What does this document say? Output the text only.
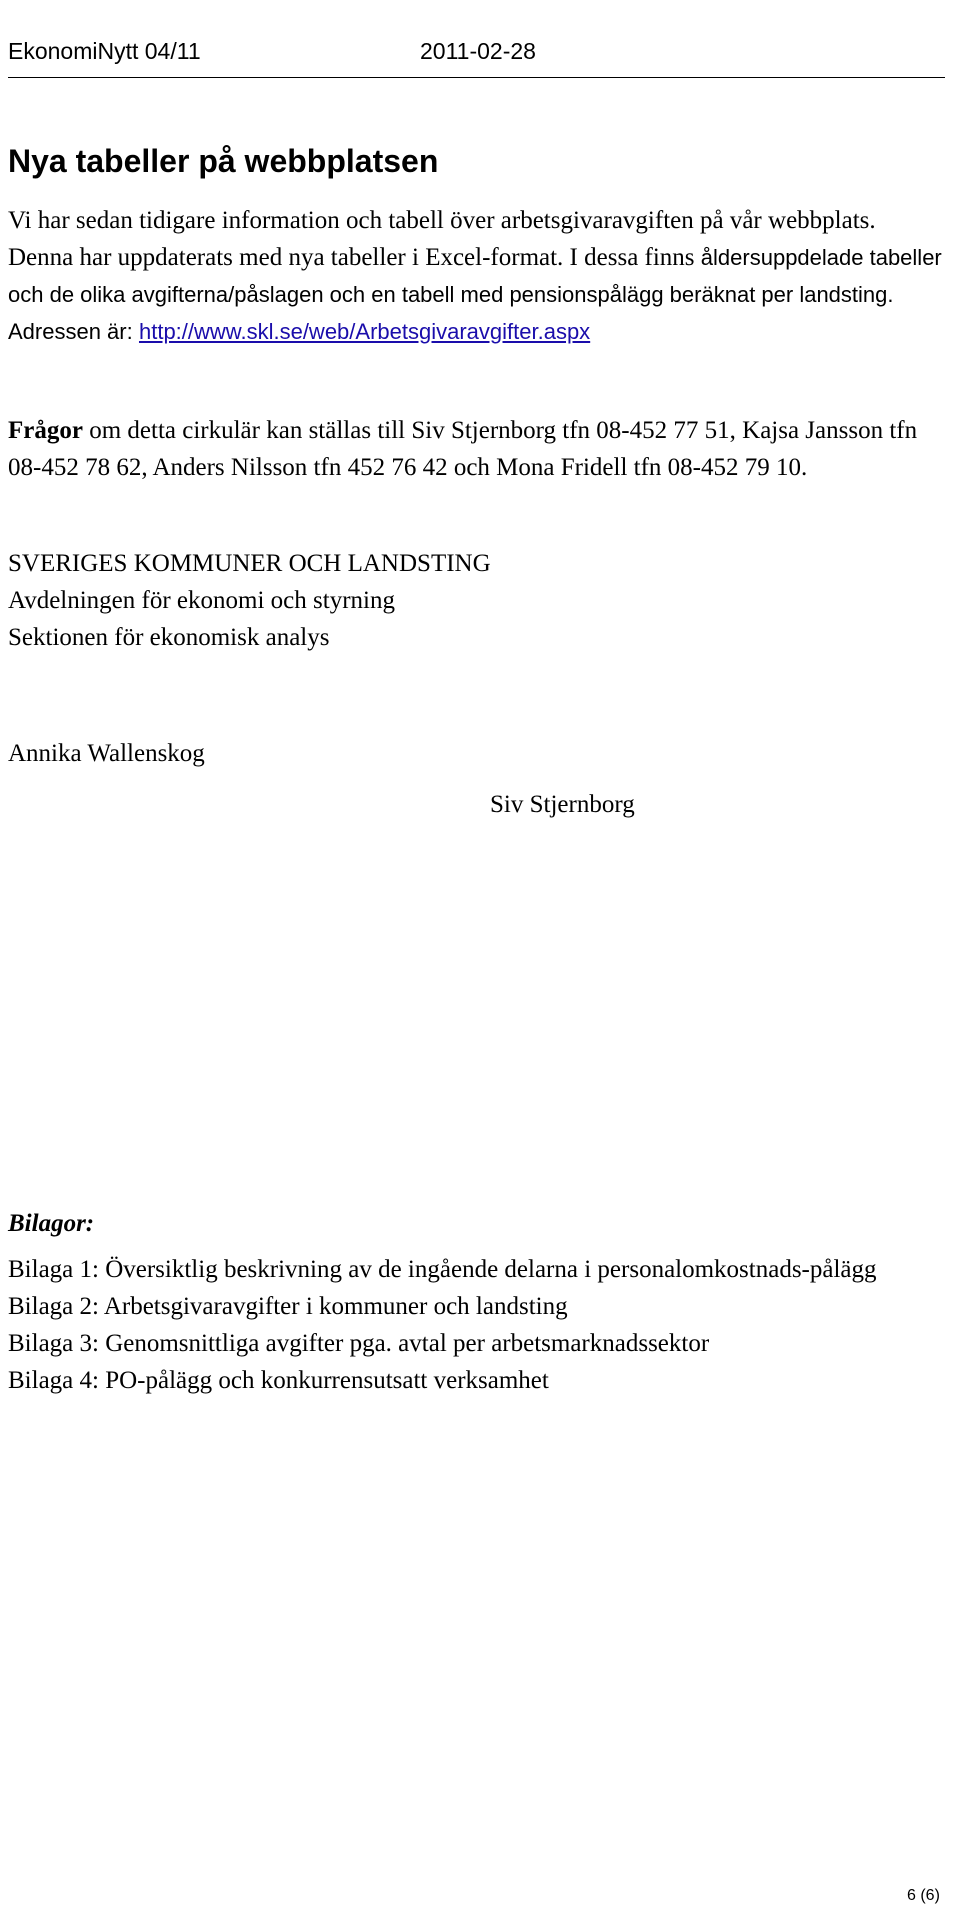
EkonomiNytt 04/11	2011-02-28
Nya tabeller på webbplatsen

Vi har sedan tidigare information och tabell över arbetsgivaravgiften på vår webbplats. Denna har uppdaterats med nya tabeller i Excel-format. I dessa finns åldersuppdelade tabeller och de olika avgifterna/påslagen och en tabell med pensionspålägg beräknat per landsting. Adressen är: http://www.skl.se/web/Arbetsgivaravgifter.aspx

Frågor om detta cirkulär kan ställas till Siv Stjernborg tfn 08-452 77 51, Kajsa Jansson tfn 08-452 78 62, Anders Nilsson tfn 452 76 42 och Mona Fridell tfn 08-452 79 10.

SVERIGES KOMMUNER OCH LANDSTING
Avdelningen för ekonomi och styrning
Sektionen för ekonomisk analys
Annika Wallenskog
Siv Stjernborg
Bilagor:
Bilaga 1: Översiktlig beskrivning av de ingående delarna i personalomkostnads-pålägg
Bilaga 2: Arbetsgivaravgifter i kommuner och landsting
Bilaga 3: Genomsnittliga avgifter pga. avtal per arbetsmarknadssektor
Bilaga 4: PO-pålägg och konkurrensutsatt verksamhet
6 (6)
